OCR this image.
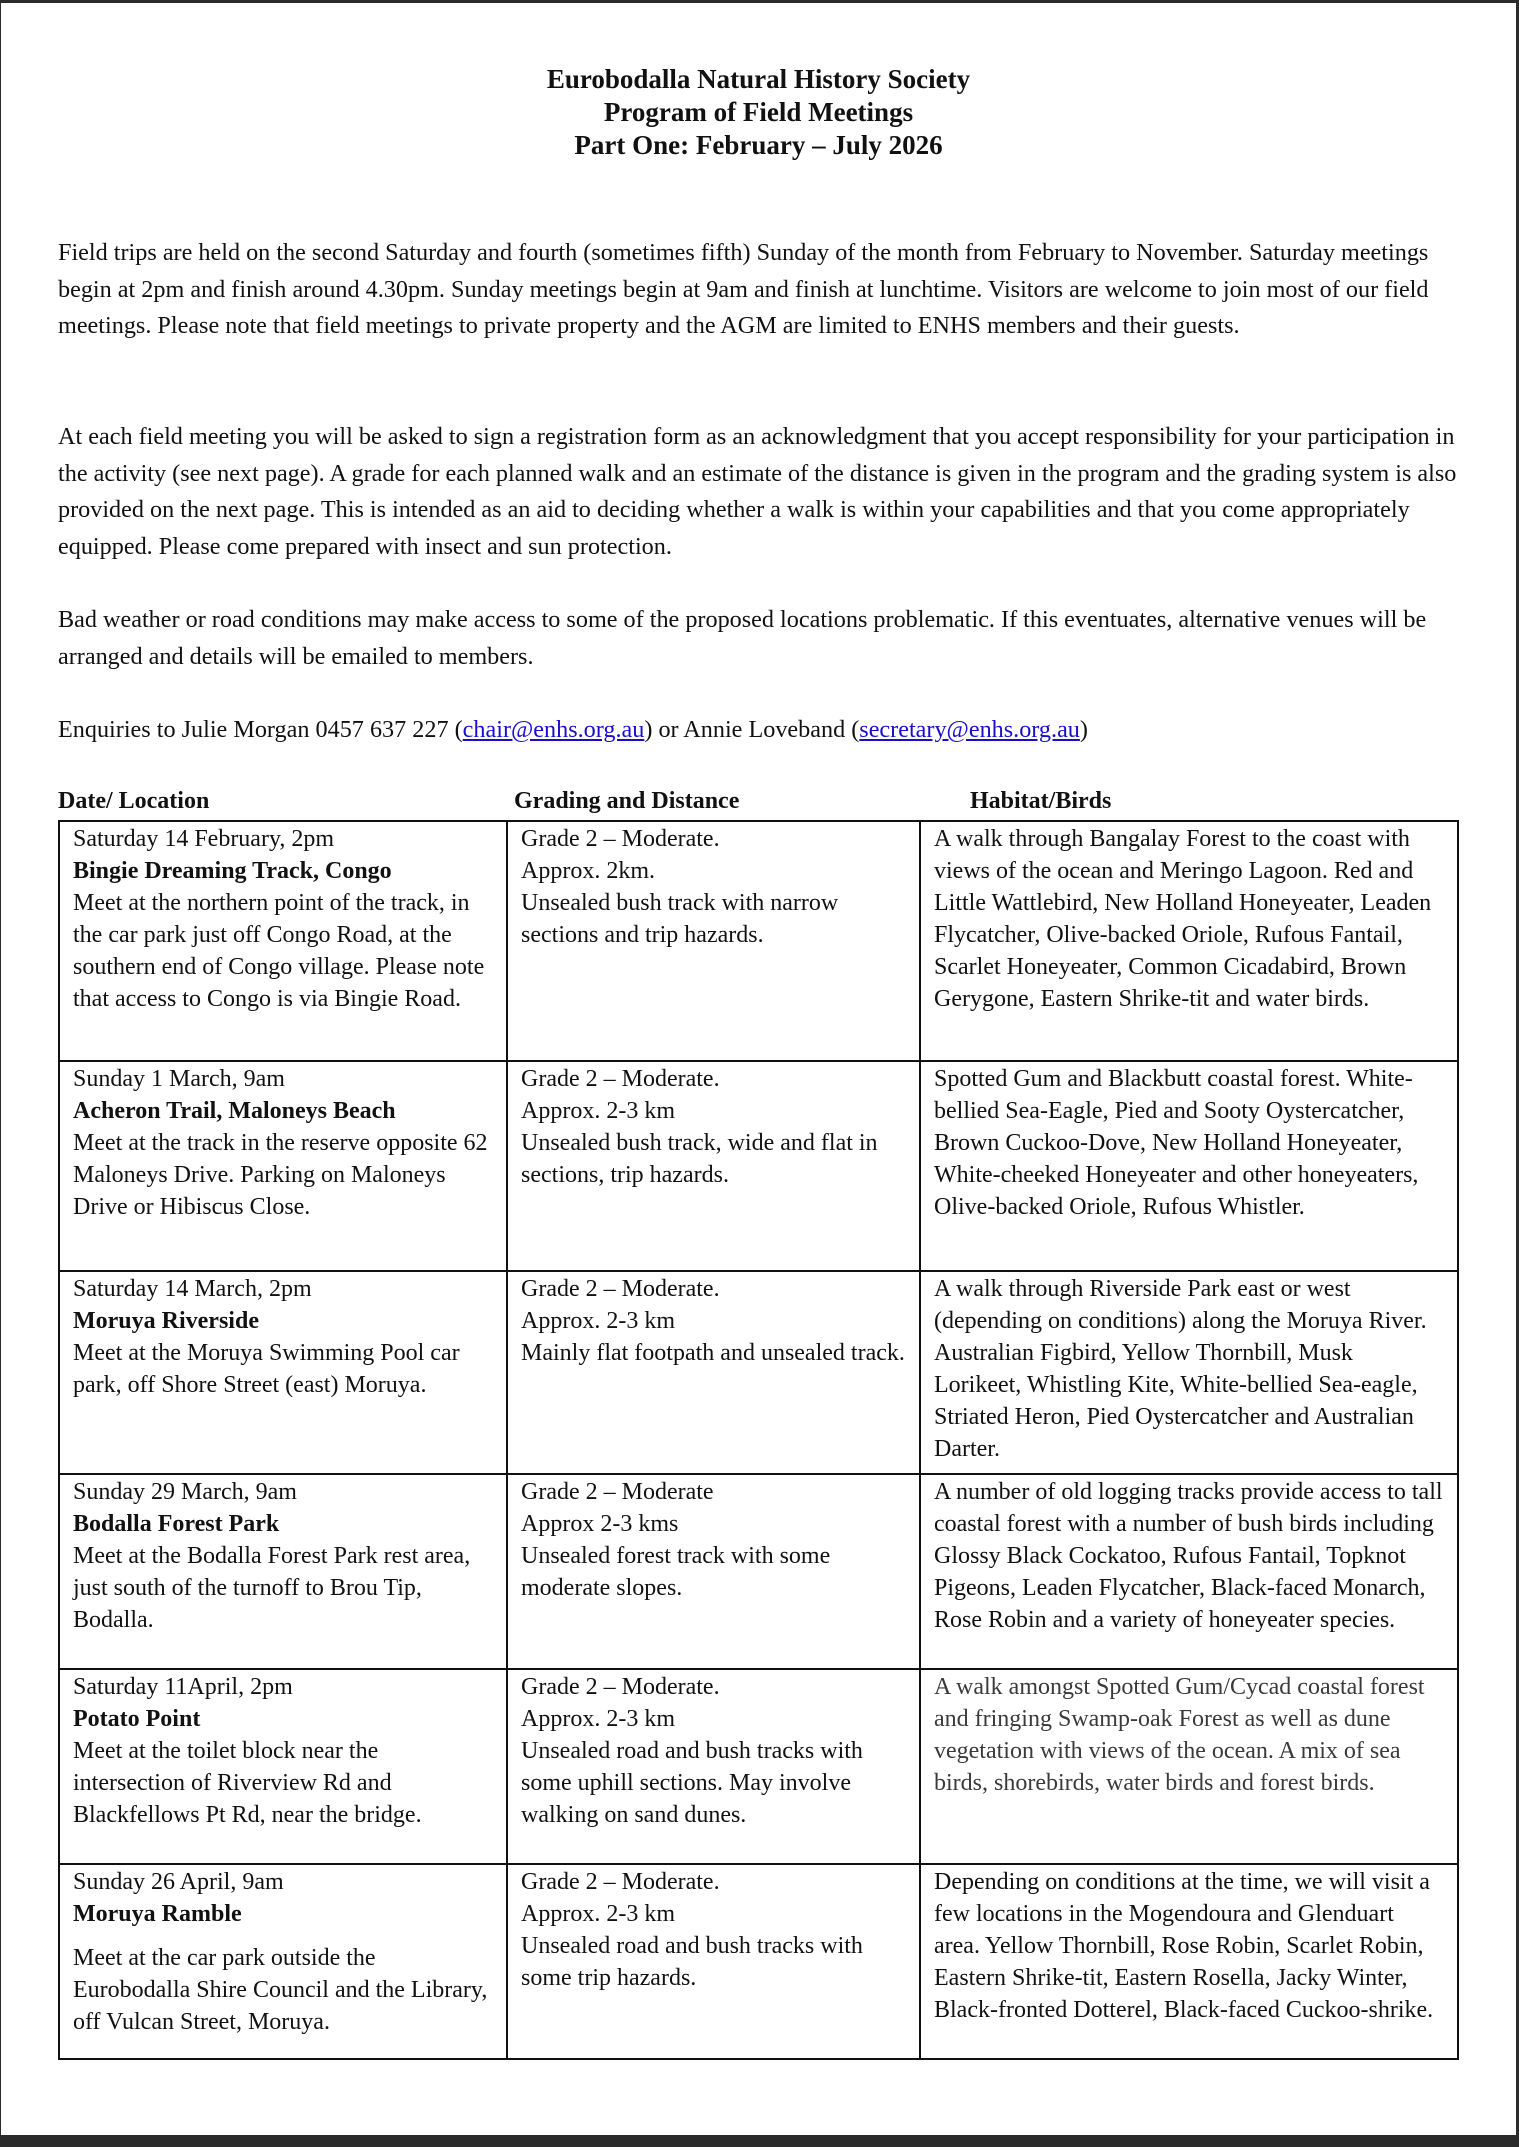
Eurobodalla Natural History Society
Program of Field Meetings
Part One: February – July 2026

Field trips are held on the second Saturday and fourth (sometimes fifth) Sunday of the month from February to November. Saturday meetings begin at 2pm and finish around 4.30pm. Sunday meetings begin at 9am and finish at lunchtime. Visitors are welcome to join most of our field meetings. Please note that field meetings to private property and the AGM are limited to ENHS members and their guests.

At each field meeting you will be asked to sign a registration form as an acknowledgment that you accept responsibility for your participation in the activity (see next page). A grade for each planned walk and an estimate of the distance is given in the program and the grading system is also provided on the next page. This is intended as an aid to deciding whether a walk is within your capabilities and that you come appropriately equipped. Please come prepared with insect and sun protection.

Bad weather or road conditions may make access to some of the proposed locations problematic. If this eventuates, alternative venues will be arranged and details will be emailed to members.

Enquiries to Julie Morgan 0457 637 227 (chair@enhs.org.au) or Annie Loveband (secretary@enhs.org.au)

Date/ Location	Grading and Distance	Habitat/Birds
Saturday 14 February, 2pm
Bingie Dreaming Track, Congo
Meet at the northern point of the track, in the car park just off Congo Road, at the southern end of Congo village. Please note that access to Congo is via Bingie Road.

Grade 2 – Moderate.
Approx. 2km.
Unsealed bush track with narrow sections and trip hazards.
	A walk through Bangalay Forest to the coast with views of the ocean and Meringo Lagoon. Red and Little Wattlebird, New Holland Honeyeater, Leaden Flycatcher, Olive-backed Oriole, Rufous Fantail, Scarlet Honeyeater, Common Cicadabird, Brown Gerygone, Eastern Shrike-tit and water birds.

Sunday 1 March, 9am
Acheron Trail, Maloneys Beach
Meet at the track in the reserve opposite 62 Maloneys Drive. Parking on Maloneys Drive or Hibiscus Close.

Grade 2 – Moderate.
Approx. 2-3 km
Unsealed bush track, wide and flat in sections, trip hazards.
	Spotted Gum and Blackbutt coastal forest. White-bellied Sea-Eagle, Pied and Sooty Oystercatcher, Brown Cuckoo-Dove, New Holland Honeyeater, White-cheeked Honeyeater and other honeyeaters, Olive-backed Oriole, Rufous Whistler.

Saturday 14 March, 2pm
Moruya Riverside
Meet at the Moruya Swimming Pool car park, off Shore Street (east) Moruya.

Grade 2 – Moderate.
Approx. 2-3 km
Mainly flat footpath and unsealed track.
	A walk through Riverside Park east or west (depending on conditions) along the Moruya River. Australian Figbird, Yellow Thornbill, Musk Lorikeet, Whistling Kite, White-bellied Sea-eagle, Striated Heron, Pied Oystercatcher and Australian Darter.

Sunday 29 March, 9am
Bodalla Forest Park
Meet at the Bodalla Forest Park rest area, just south of the turnoff to Brou Tip, Bodalla.

Grade 2 – Moderate
Approx 2-3 kms
Unsealed forest track with some moderate slopes.
	A number of old logging tracks provide access to tall coastal forest with a number of bush birds including Glossy Black Cockatoo, Rufous Fantail, Topknot Pigeons, Leaden Flycatcher, Black-faced Monarch, Rose Robin and a variety of honeyeater species.

Saturday 11April, 2pm
Potato Point
Meet at the toilet block near the intersection of Riverview Rd and Blackfellows Pt Rd, near the bridge.	Grade 2 – Moderate.
Approx. 2-3 km
Unsealed road and bush tracks with some uphill sections. May involve walking on sand dunes.	A walk amongst Spotted Gum/Cycad coastal forest and fringing Swamp-oak Forest as well as dune vegetation with views of the ocean. A mix of sea birds, shorebirds, water birds and forest birds.

Sunday 26 April, 9am
Moruya Ramble
Meet at the car park outside the Eurobodalla Shire Council and the Library, off Vulcan Street, Moruya.

Grade 2 – Moderate.
Approx. 2-3 km
Unsealed road and bush tracks with some trip hazards.
	Depending on conditions at the time, we will visit a few locations in the Mogendoura and Glenduart area. Yellow Thornbill, Rose Robin, Scarlet Robin, Eastern Shrike-tit, Eastern Rosella, Jacky Winter, Black-fronted Dotterel, Black-faced Cuckoo-shrike.
